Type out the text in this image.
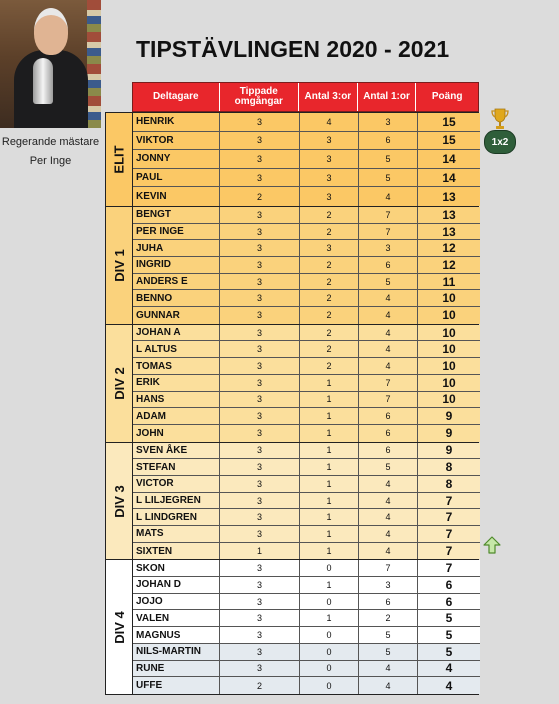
Regerande mästare
Per Inge
TIPSTÄVLINGEN 2020 - 2021
1x2
Deltagare	Tippade omgångar	Antal 3:or	Antal 1:or	Poäng
ELIT
HENRIK	3	4	3	15
VIKTOR	3	3	6	15
JONNY	3	3	5	14
PAUL	3	3	5	14
KEVIN	2	3	4	13
DIV 1
BENGT	3	2	7	13
PER INGE	3	2	7	13
JUHA	3	3	3	12
INGRID	3	2	6	12
ANDERS E	3	2	5	11
BENNO	3	2	4	10
GUNNAR	3	2	4	10
DIV 2
JOHAN A	3	2	4	10
L ALTUS	3	2	4	10
TOMAS	3	2	4	10
ERIK	3	1	7	10
HANS	3	1	7	10
ADAM	3	1	6	9
JOHN	3	1	6	9
DIV 3
SVEN ÅKE	3	1	6	9
STEFAN	3	1	5	8
VICTOR	3	1	4	8
L LILJEGREN	3	1	4	7
L LINDGREN	3	1	4	7
MATS	3	1	4	7
SIXTEN	1	1	4	7
DIV 4
SKON	3	0	7	7
JOHAN D	3	1	3	6
JOJO	3	0	6	6
VALEN	3	1	2	5
MAGNUS	3	0	5	5
NILS-MARTIN	3	0	5	5
RUNE	3	0	4	4
UFFE	2	0	4	4
